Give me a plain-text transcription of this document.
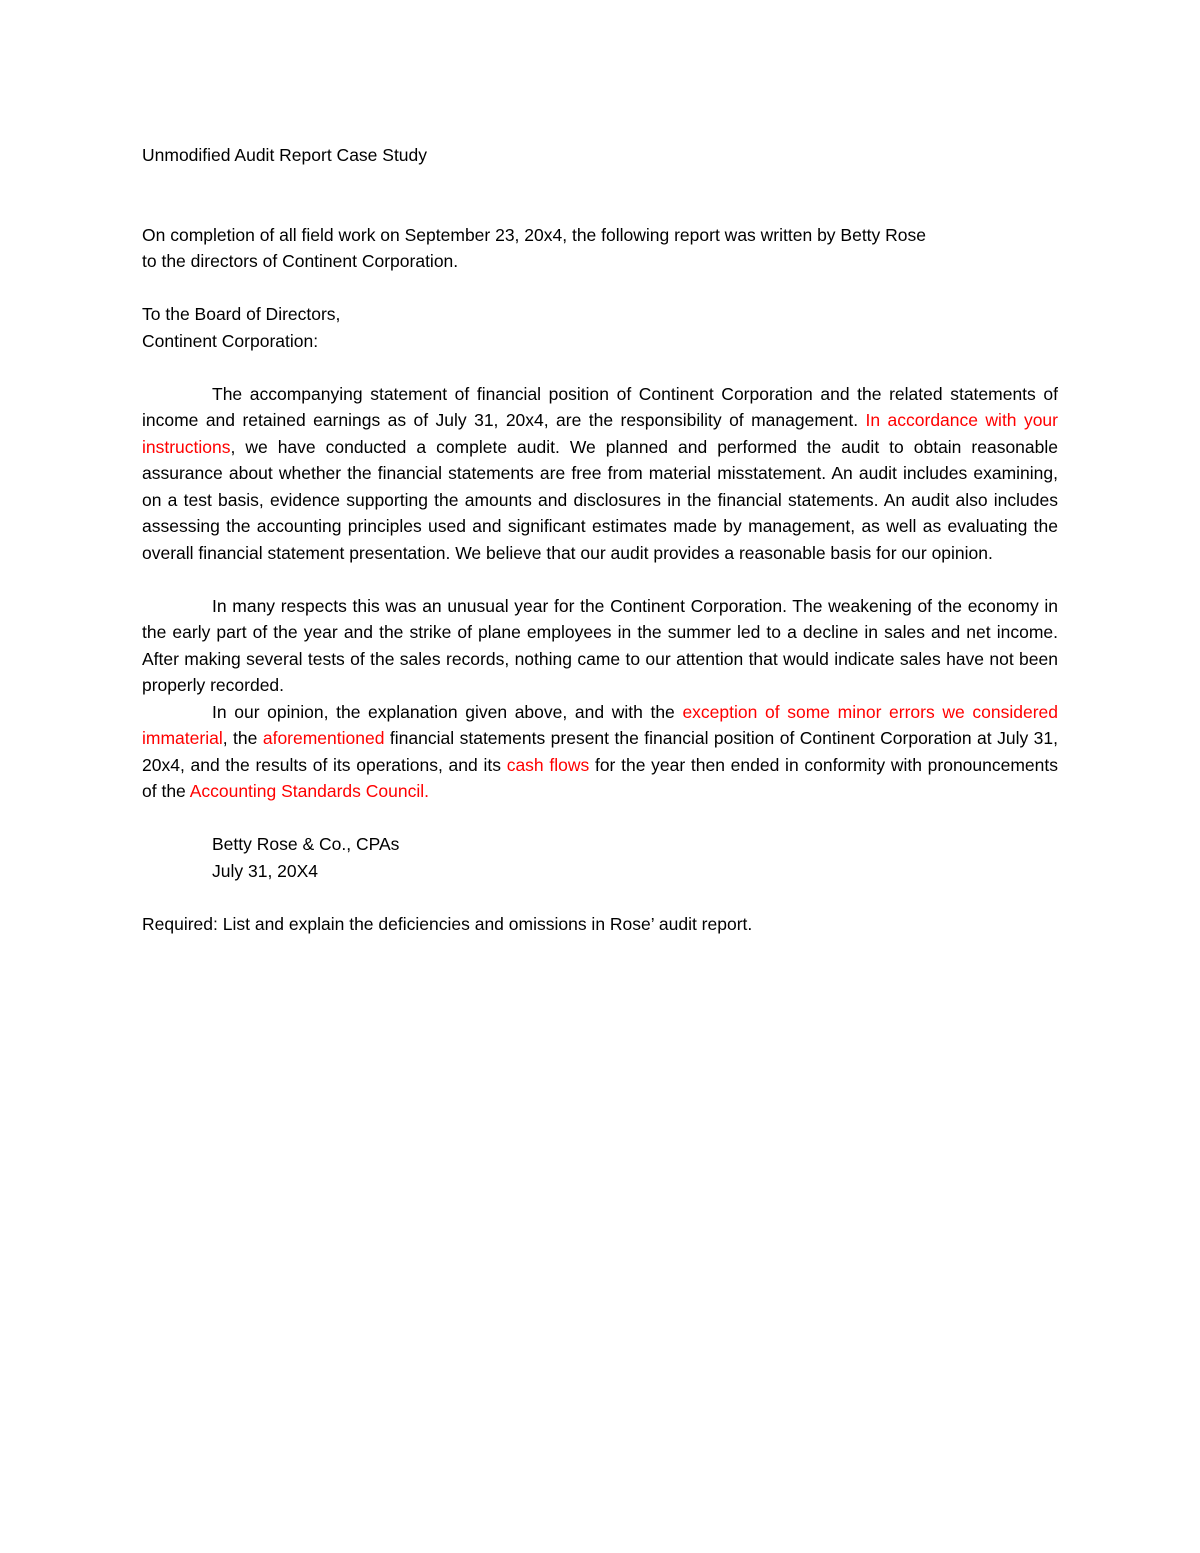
Unmodified Audit Report Case Study

On completion of all field work on September 23, 20x4, the following report was written by Betty Rose

to the directors of Continent Corporation.

To the Board of Directors,

Continent Corporation:

The accompanying statement of financial position of Continent Corporation and the related statements of income and retained earnings as of July 31, 20x4, are the responsibility of management. In accordance with your instructions, we have conducted a complete audit. We planned and performed the audit to obtain reasonable assurance about whether the financial statements are free from material misstatement. An audit includes examining, on a test basis, evidence supporting the amounts and disclosures in the financial statements. An audit also includes assessing the accounting principles used and significant estimates made by management, as well as evaluating the overall financial statement presentation. We believe that our audit provides a reasonable basis for our opinion.

In many respects this was an unusual year for the Continent Corporation. The weakening of the economy in the early part of the year and the strike of plane employees in the summer led to a decline in sales and net income. After making several tests of the sales records, nothing came to our attention that would indicate sales have not been properly recorded.

In our opinion, the explanation given above, and with the exception of some minor errors we considered immaterial, the aforementioned financial statements present the financial position of Continent Corporation at July 31, 20x4, and the results of its operations, and its cash flows for the year then ended in conformity with pronouncements of the Accounting Standards Council.

Betty Rose & Co., CPAs

July 31, 20X4

Required: List and explain the deficiencies and omissions in Rose’ audit report.
